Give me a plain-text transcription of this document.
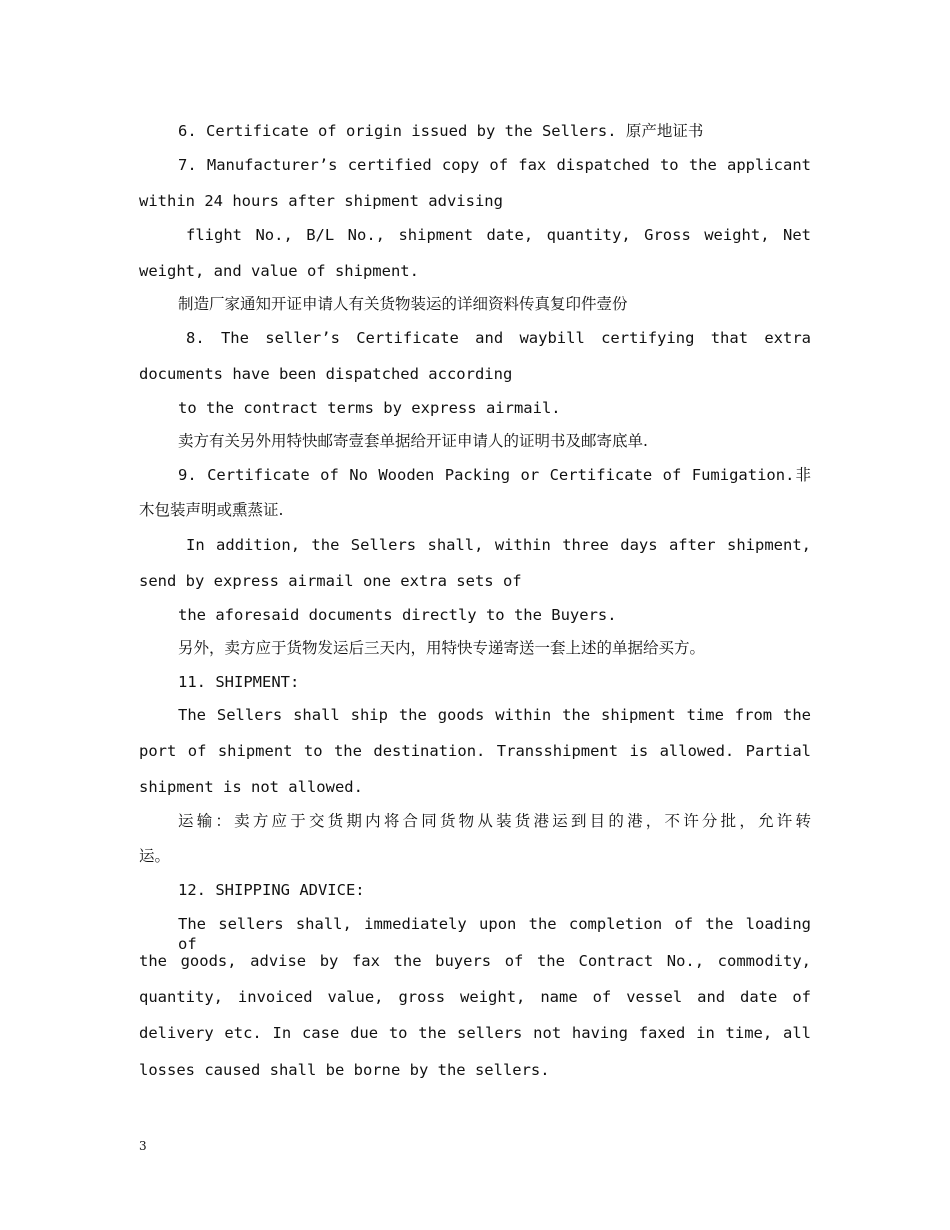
6. Certificate of origin issued by the Sellers. 原产地证书
7. Manufacturer’s certified copy of fax dispatched to the applicant
within 24 hours after shipment advising
flight No., B/L No., shipment date, quantity, Gross weight, Net
weight, and value of shipment.
制造厂家通知开证申请人有关货物装运的详细资料传真复印件壹份
8. The seller’s Certificate and waybill certifying that extra
documents have been dispatched according
to the contract terms by express airmail.
卖方有关另外用特快邮寄壹套单据给开证申请人的证明书及邮寄底单.
9. Certificate of No Wooden Packing or Certificate of Fumigation.非
木包装声明或熏蒸证.
In addition, the Sellers shall, within three days after shipment,
send by express airmail one extra sets of
the aforesaid documents directly to the Buyers.
另外，卖方应于货物发运后三天内，用特快专递寄送一套上述的单据给买方。
11. SHIPMENT:
The Sellers shall ship the goods within the shipment time from the
port of shipment to the destination. Transshipment is allowed. Partial
shipment is not allowed.
运输：卖方应于交货期内将合同货物从装货港运到目的港，不许分批，允许转
运。
12. SHIPPING ADVICE:
The sellers shall, immediately upon the completion of the loading of
the goods, advise by fax the buyers of the Contract No., commodity,
quantity, invoiced value, gross weight, name of vessel and date of
delivery etc. In case due to the sellers not having faxed in time, all
losses caused shall be borne by the sellers.
3
